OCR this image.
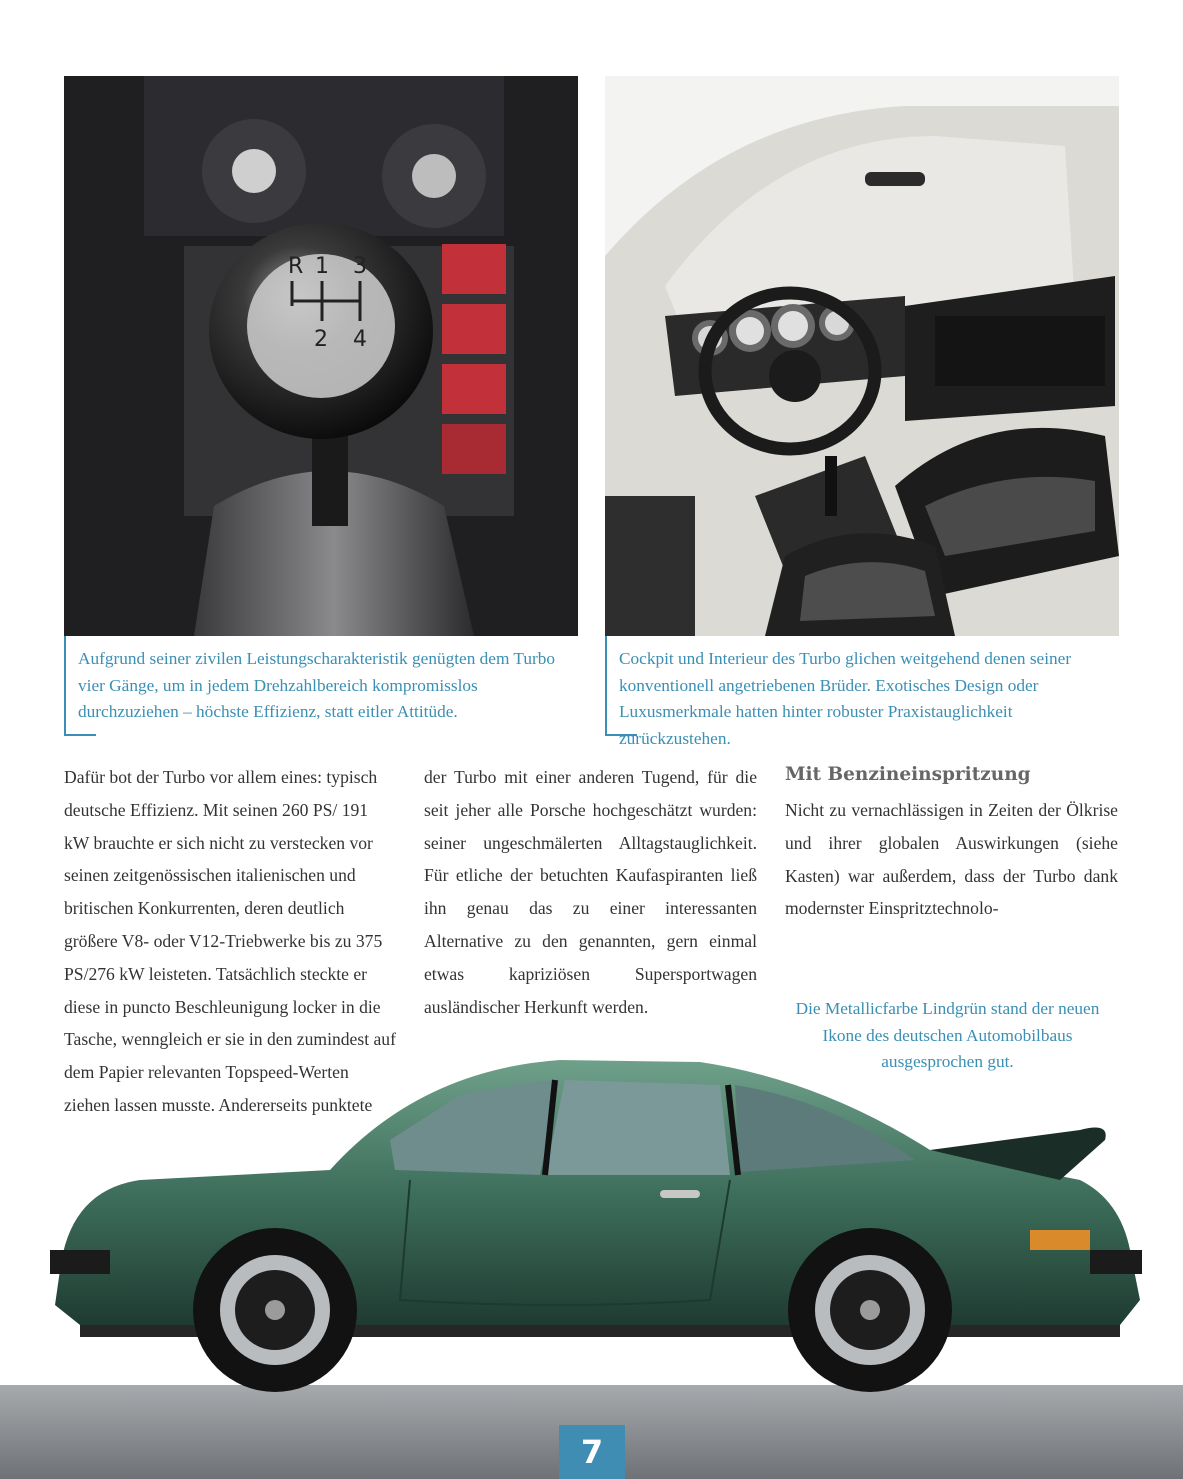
R 1 3
2 4
Aufgrund seiner zivilen Leistungscharakteristik genügten dem Turbo vier Gänge, um in jedem Drehzahlbereich kompromisslos durchzuziehen – höchste Effizienz, statt eitler Attitüde.
Cockpit und Interieur des Turbo glichen weitgehend denen seiner konventionell angetriebenen Brüder. Exotisches Design oder Luxusmerkmale hatten hinter robuster Praxistauglichkeit zurückzustehen.

Dafür bot der Turbo vor allem eines: typisch deutsche Effizienz. Mit seinen 260 PS/ 191 kW brauchte er sich nicht zu verstecken vor seinen zeitgenössischen italienischen und britischen Konkurrenten, deren deutlich größere V8- oder V12-Triebwerke bis zu 375 PS/276 kW leisteten. Tatsächlich steckte er diese in puncto Beschleunigung locker in die Tasche, wenngleich er sie in den zumindest auf dem Papier relevanten Topspeed-Werten ziehen lassen musste. Andererseits punktete

der Turbo mit einer anderen Tugend, für die seit jeher alle Porsche hochgeschätzt wurden: seiner ungeschmälerten Alltagstauglichkeit. Für etliche der betuchten Kaufaspiranten ließ ihn genau das zu einer interessanten Alternative zu den genannten, gern einmal etwas kapriziösen Supersportwagen ausländischer Herkunft werden.

Mit Benzineinspritzung

Nicht zu vernachlässigen in Zeiten der Ölkrise und ihrer globalen Auswirkungen (siehe Kasten) war außerdem, dass der Turbo dank modernster Einspritztechnolo-

Die Metallicfarbe Lindgrün stand der neuen Ikone des deutschen Automobilbaus ausgesprochen gut.
7
